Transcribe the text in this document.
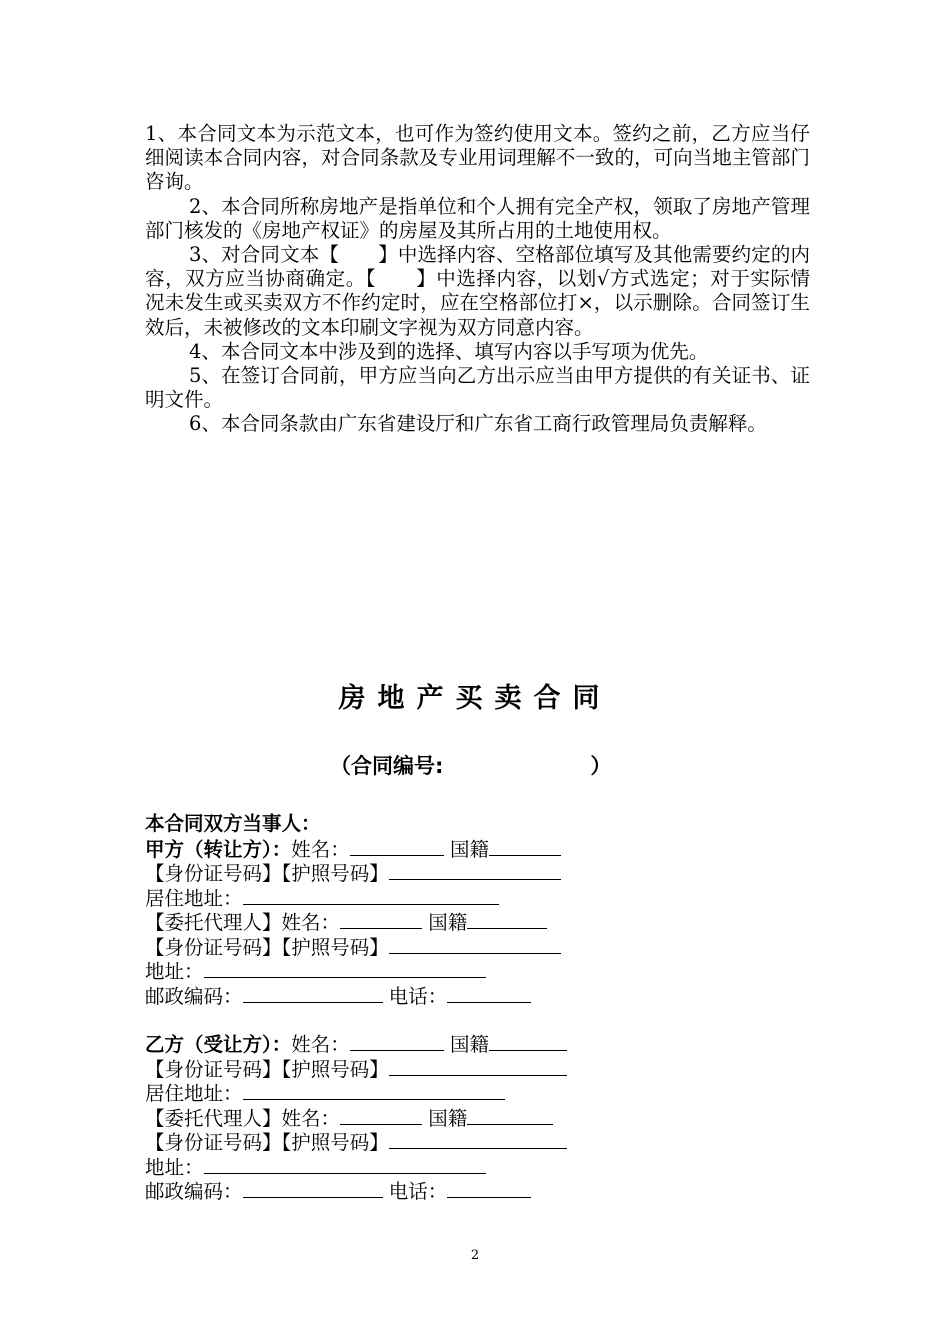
1、本合同文本为示范文本，也可作为签约使用文本。签约之前，乙方应当仔细阅读本合同内容，对合同条款及专业用词理解不一致的，可向当地主管部门咨询。

2、本合同所称房地产是指单位和个人拥有完全产权，领取了房地产管理部门核发的《房地产权证》的房屋及其所占用的土地使用权。

3、对合同文本【　　】中选择内容、空格部位填写及其他需要约定的内容，双方应当协商确定。【　　】中选择内容，以划√方式选定；对于实际情况未发生或买卖双方不作约定时，应在空格部位打×，以示删除。合同签订生效后，未被修改的文本印刷文字视为双方同意内容。

4、本合同文本中涉及到的选择、填写内容以手写项为优先。

5、在签订合同前，甲方应当向乙方出示应当由甲方提供的有关证书、证明文件。

6、本合同条款由广东省建设厅和广东省工商行政管理局负责解释。

房地产买卖合同
（合同编号:　　　　　　　）
本合同双方当事人：
甲方（转让方）：姓名：	国籍
【身份证号码】【护照号码】
居住地址：
【委托代理人】姓名：	国籍
【身份证号码】【护照号码】
地址：
邮政编码：	电话：
乙方（受让方）：姓名：	国籍
【身份证号码】【护照号码】
居住地址：
【委托代理人】姓名：	国籍
【身份证号码】【护照号码】
地址：
邮政编码：	电话：
2
